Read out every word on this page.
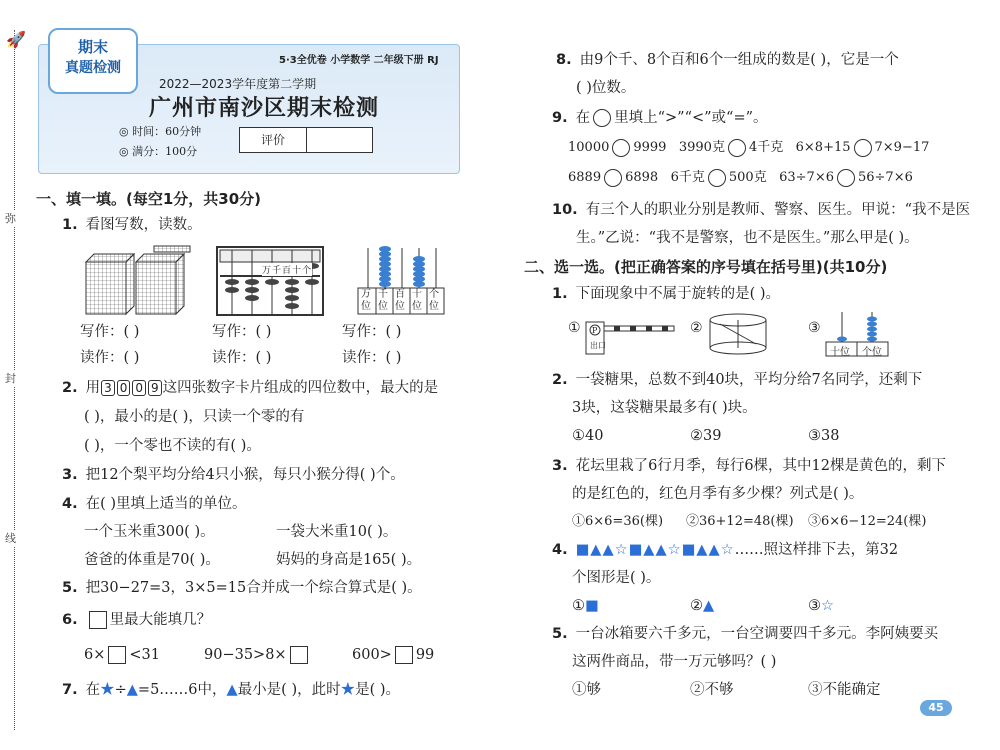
🚀
弥
封
线
5·3全优卷 小学数学 二年级下册 RJ
2022—2023学年度第二学期
广州市南沙区期末检测
◎ 时间：60分钟
◎ 满分：100分
评价
期末
真题检测
一、填一填。(每空1分，共30分)
1. 看图写数，读数。
万千百十个
万
位
千
位
百
位
十
位
个
位
写作：( )	写作：( )	写作：( )
读作：( )	读作：( )	读作：( )
2. 用 3 0 0 9 这四张数字卡片组成的四位数中，最大的是
( )，最小的是( )，只读一个零的有
( )，一个零也不读的有( )。
3. 把12个梨平均分给4只小猴，每只小猴分得( )个。
4. 在( )里填上适当的单位。
一个玉米重300( )。	一袋大米重10( )。
爸爸的体重是70( )。	妈妈的身高是165( )。
5. 把30−27=3，3×5=15合并成一个综合算式是( )。
6. 里最大能填几？
6× <31	90−35>8×	600> 99
7. 在★÷▲=5……6中，▲最小是( )，此时★是( )。
8. 由9个千、8个百和6个一组成的数是( )，它是一个
( )位数。
9. 在 里填上“>”“<”或“=”。
10000 9999 3990克 4千克 6×8+15 7×9−17
6889 6898 6千克 500克 63÷7×6 56÷7×6
10. 有三个人的职业分别是教师、警察、医生。甲说：“我不是医
生。”乙说：“我不是警察，也不是医生。”那么甲是( )。
二、选一选。(把正确答案的序号填在括号里)(共10分)
1. 下面现象中不属于旋转的是( )。
① P
出口
②	③
十位 个位
2. 一袋糖果，总数不到40块，平均分给7名同学，还剩下
3块，这袋糖果最多有( )块。
①40	②39	③38
3. 花坛里栽了6行月季，每行6棵，其中12棵是黄色的，剩下
的是红色的，红色月季有多少棵？列式是( )。
①6×6=36(棵) ②36+12=48(棵) ③6×6−12=24(棵)
4. ■▲▲☆■▲▲☆■▲▲☆……照这样排下去，第32
个图形是( )。
①■	②▲	③☆
5. 一台冰箱要六千多元，一台空调要四千多元。李阿姨要买
这两件商品，带一万元够吗？( )
①够	②不够	③不能确定
45
